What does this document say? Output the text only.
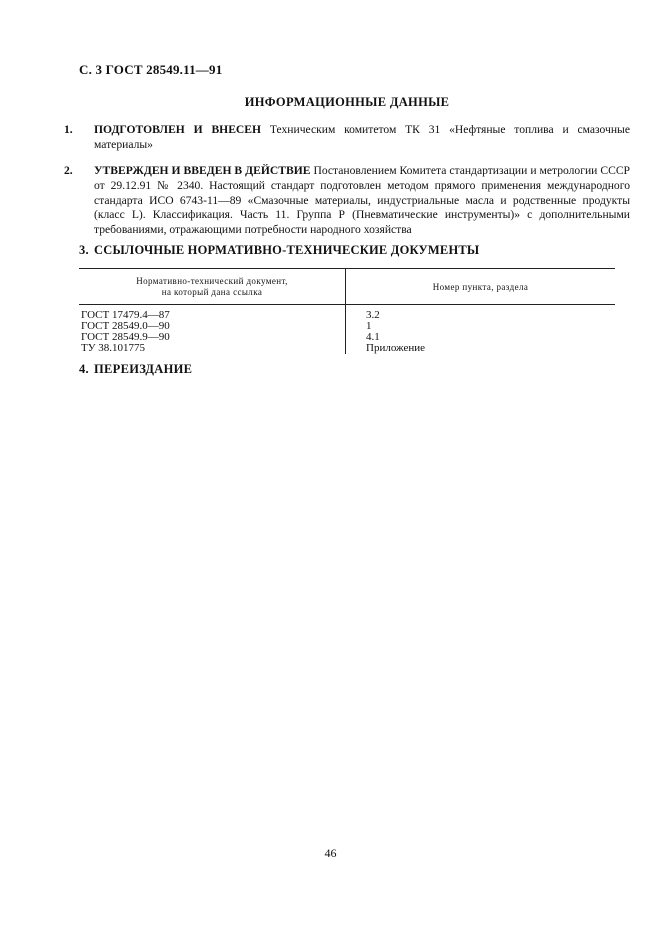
С. 3 ГОСТ 28549.11—91
ИНФОРМАЦИОННЫЕ ДАННЫЕ
1. ПОДГОТОВЛЕН И ВНЕСЕН Техническим комитетом ТК 31 «Нефтяные топлива и смазочные материалы»
2. УТВЕРЖДЕН И ВВЕДЕН В ДЕЙСТВИЕ Постановлением Комитета стандартизации и метрологии СССР от 29.12.91 № 2340. Настоящий стандарт подготовлен методом прямого применения международного стандарта ИСО 6743-11—89 «Смазочные материалы, индустриальные масла и родственные продукты (класс L). Классификация. Часть 11. Группа Р (Пневматические инструменты)» с дополнительными требованиями, отражающими потребности народного хозяйства
3. ССЫЛОЧНЫЕ НОРМАТИВНО-ТЕХНИЧЕСКИЕ ДОКУМЕНТЫ
Нормативно-технический документ,
на который дана ссылка	Номер пункта, раздела
ГОСТ 17479.4—87	3.2
ГОСТ 28549.0—90	1
ГОСТ 28549.9—90	4.1
ТУ 38.101775	Приложение
4. ПЕРЕИЗДАНИЕ
46
